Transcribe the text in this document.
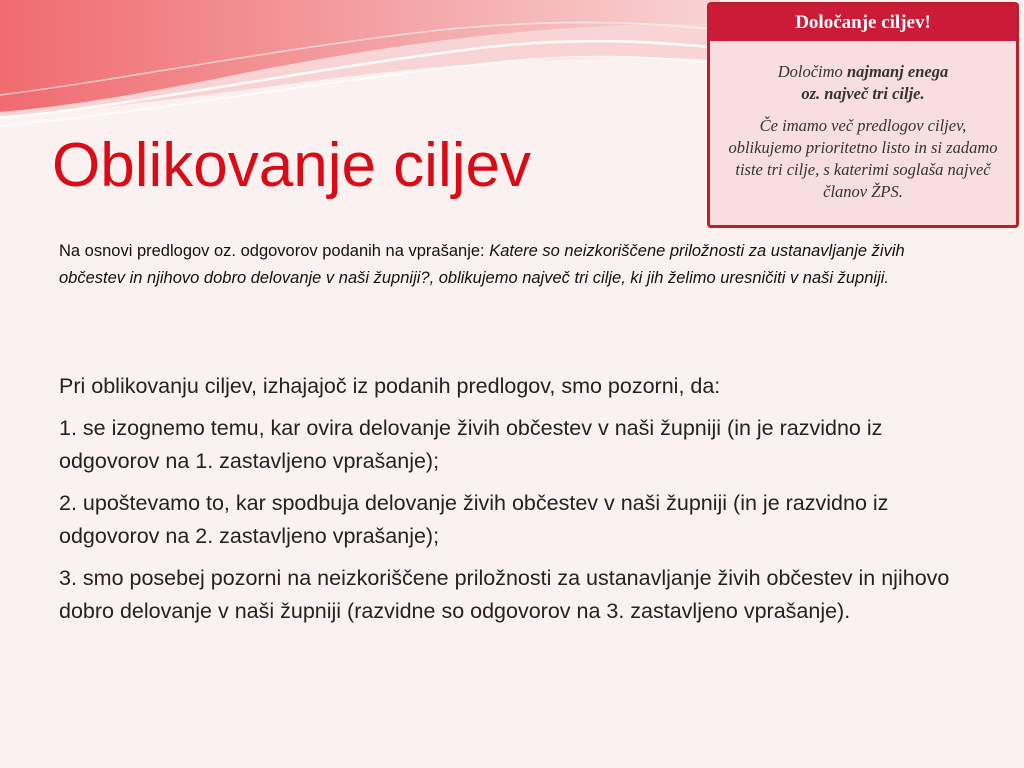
Oblikovanje ciljev
Določanje ciljev!

Določimo najmanj enega
oz. največ tri cilje.

Če imamo več predlogov ciljev, oblikujemo prioritetno listo in si zadamo tiste tri cilje, s katerimi soglaša največ članov ŽPS.

Na osnovi predlogov oz. odgovorov podanih na vprašanje: Katere so neizkoriščene priložnosti za ustanavljanje živih občestev in njihovo dobro delovanje v naši župniji?, oblikujemo največ tri cilje, ki jih želimo uresničiti v naši župniji.

Pri oblikovanju ciljev, izhajajoč iz podanih predlogov, smo pozorni, da:

1. se izognemo temu, kar ovira delovanje živih občestev v naši župniji (in je razvidno iz odgovorov na 1. zastavljeno vprašanje);

2. upoštevamo to, kar spodbuja delovanje živih občestev v naši župniji (in je razvidno iz odgovorov na 2. zastavljeno vprašanje);

3. smo posebej pozorni na neizkoriščene priložnosti za ustanavljanje živih občestev in njihovo dobro delovanje v naši župniji (razvidne so odgovorov na 3. zastavljeno vprašanje).
